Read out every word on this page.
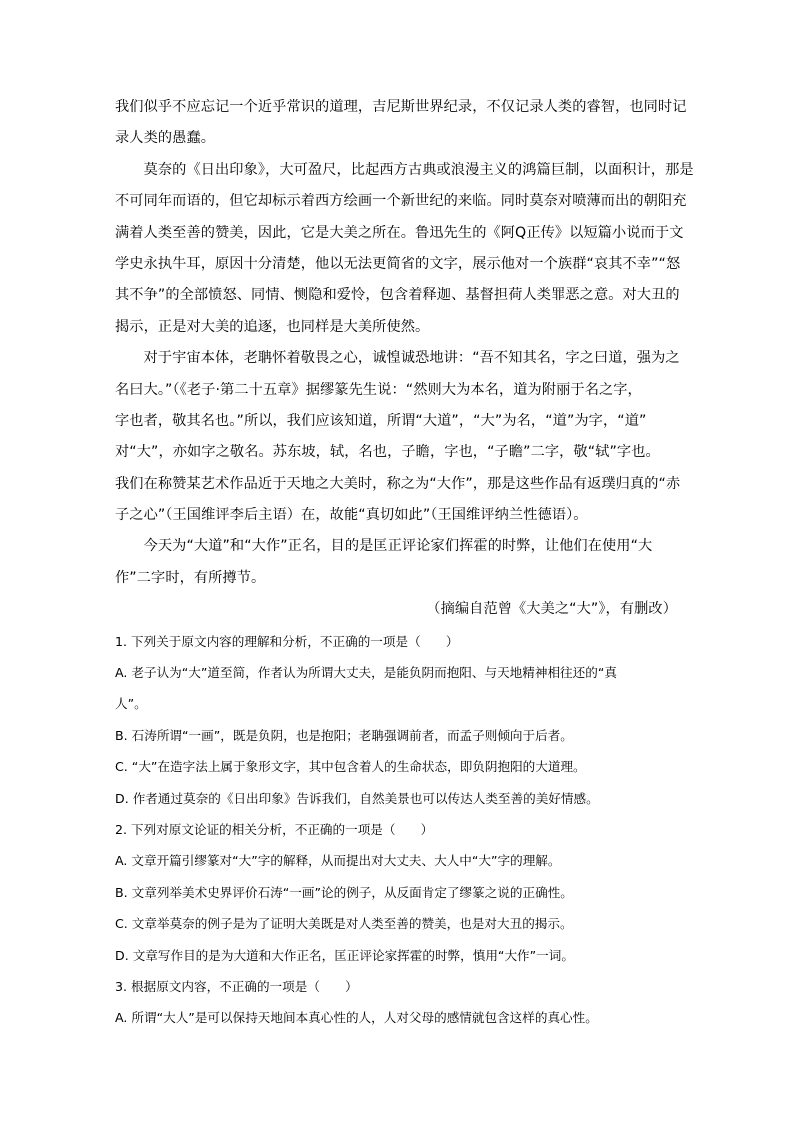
我们似乎不应忘记一个近乎常识的道理，吉尼斯世界纪录，不仅记录人类的睿智，也同时记
录人类的愚蠢。
　　莫奈的《日出印象》，大可盈尺，比起西方古典或浪漫主义的鸿篇巨制，以面积计，那是
不可同年而语的，但它却标示着西方绘画一个新世纪的来临。同时莫奈对喷薄而出的朝阳充
满着人类至善的赞美，因此，它是大美之所在。鲁迅先生的《阿Q正传》以短篇小说而于文
学史永执牛耳，原因十分清楚，他以无法更简省的文字，展示他对一个族群“哀其不幸”“怒
其不争”的全部愤怒、同情、恻隐和爱怜，包含着释迦、基督担荷人类罪恶之意。对大丑的
揭示，正是对大美的追逐，也同样是大美所使然。
　　对于宇宙本体，老聃怀着敬畏之心，诚惶诚恐地讲：“吾不知其名，字之曰道，强为之
名曰大。”（《老子·第二十五章》据缪篆先生说：“然则大为本名，道为附丽于名之字，
字也者，敬其名也。”所以，我们应该知道，所谓“大道”，“大”为名，“道”为字，“道”
对“大”，亦如字之敬名。苏东坡，轼，名也，子瞻，字也，“子瞻”二字，敬“轼”字也。
我们在称赞某艺术作品近于天地之大美时，称之为“大作”，那是这些作品有返璞归真的“赤
子之心”（王国维评李后主语）在，故能“真切如此”（王国维评纳兰性德语）。
　　今天为“大道”和“大作”正名，目的是匡正评论家们挥霍的时弊，让他们在使用“大
作”二字时，有所撙节。
（摘编自范曾《大美之“大”》，有删改）
1. 下列关于原文内容的理解和分析，不正确的一项是（　　）
A. 老子认为“大”道至简，作者认为所谓大丈夫，是能负阴而抱阳、与天地精神相往还的“真
人”。
B. 石涛所谓“一画”，既是负阴，也是抱阳；老聃强调前者，而孟子则倾向于后者。
C. “大”在造字法上属于象形文字，其中包含着人的生命状态，即负阴抱阳的大道理。
D. 作者通过莫奈的《日出印象》告诉我们，自然美景也可以传达人类至善的美好情感。
2. 下列对原文论证的相关分析，不正确的一项是（　　）
A. 文章开篇引缪篆对“大”字的解释，从而提出对大丈夫、大人中“大”字的理解。
B. 文章列举美术史界评价石涛“一画”论的例子，从反面肯定了缪篆之说的正确性。
C. 文章举莫奈的例子是为了证明大美既是对人类至善的赞美，也是对大丑的揭示。
D. 文章写作目的是为大道和大作正名，匡正评论家挥霍的时弊，慎用“大作”一词。
3. 根据原文内容，不正确的一项是（　　）
A. 所谓“大人”是可以保持天地间本真心性的人，人对父母的感情就包含这样的真心性。
